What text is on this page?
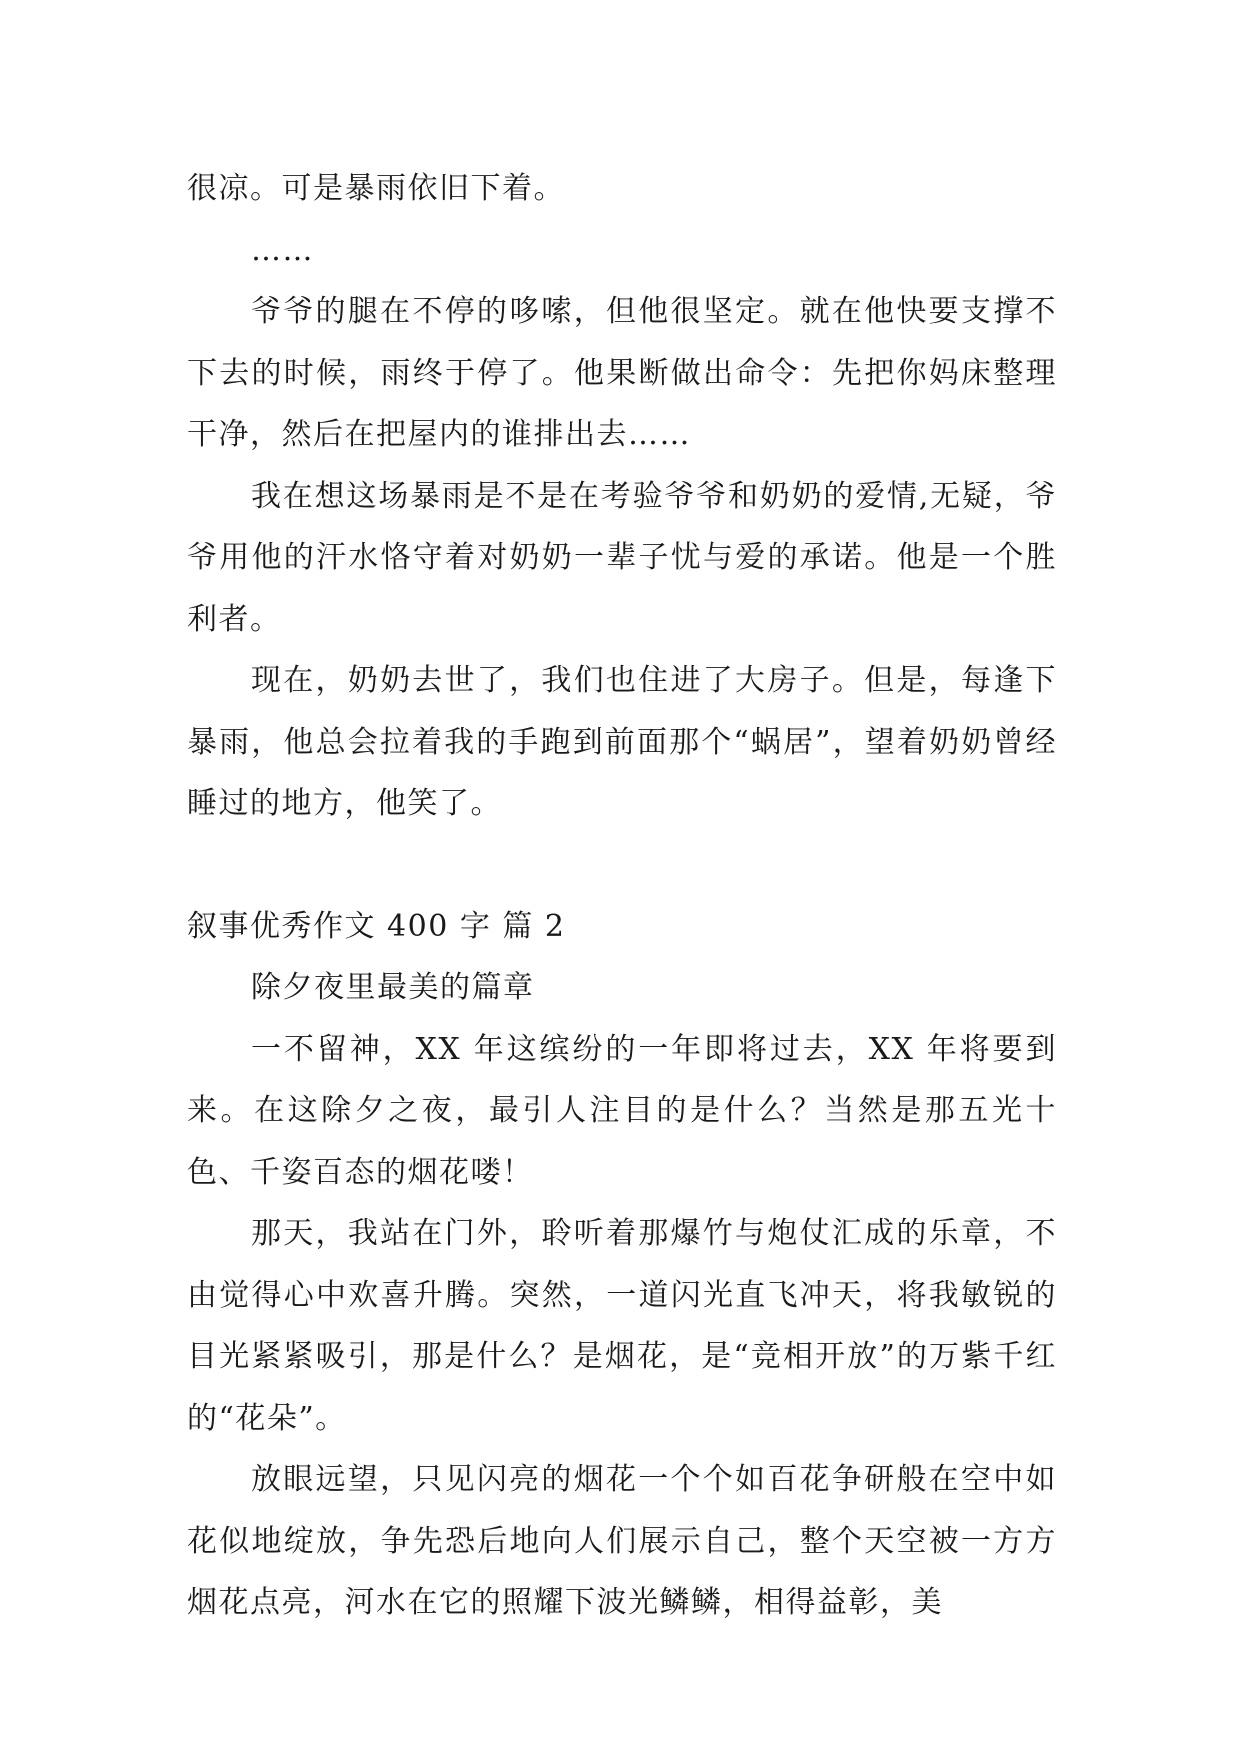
很凉。可是暴雨依旧下着。

……

爷爷的腿在不停的哆嗦，但他很坚定。就在他快要支撑不下去的时候，雨终于停了。他果断做出命令：先把你妈床整理干净，然后在把屋内的谁排出去……

我在想这场暴雨是不是在考验爷爷和奶奶的爱情,无疑，爷爷用他的汗水恪守着对奶奶一辈子忧与爱的承诺。他是一个胜利者。

现在，奶奶去世了，我们也住进了大房子。但是，每逢下暴雨，他总会拉着我的手跑到前面那个“蜗居”，望着奶奶曾经睡过的地方，他笑了。

叙事优秀作文 400 字 篇 2

除夕夜里最美的篇章

一不留神，XX 年这缤纷的一年即将过去，XX 年将要到来。在这除夕之夜，最引人注目的是什么？当然是那五光十色、千姿百态的烟花喽！

那天，我站在门外，聆听着那爆竹与炮仗汇成的乐章，不由觉得心中欢喜升腾。突然，一道闪光直飞冲天，将我敏锐的目光紧紧吸引，那是什么？是烟花，是“竞相开放”的万紫千红的“花朵”。

放眼远望，只见闪亮的烟花一个个如百花争研般在空中如花似地绽放，争先恐后地向人们展示自己，整个天空被一方方烟花点亮，河水在它的照耀下波光鳞鳞，相得益彰，美
